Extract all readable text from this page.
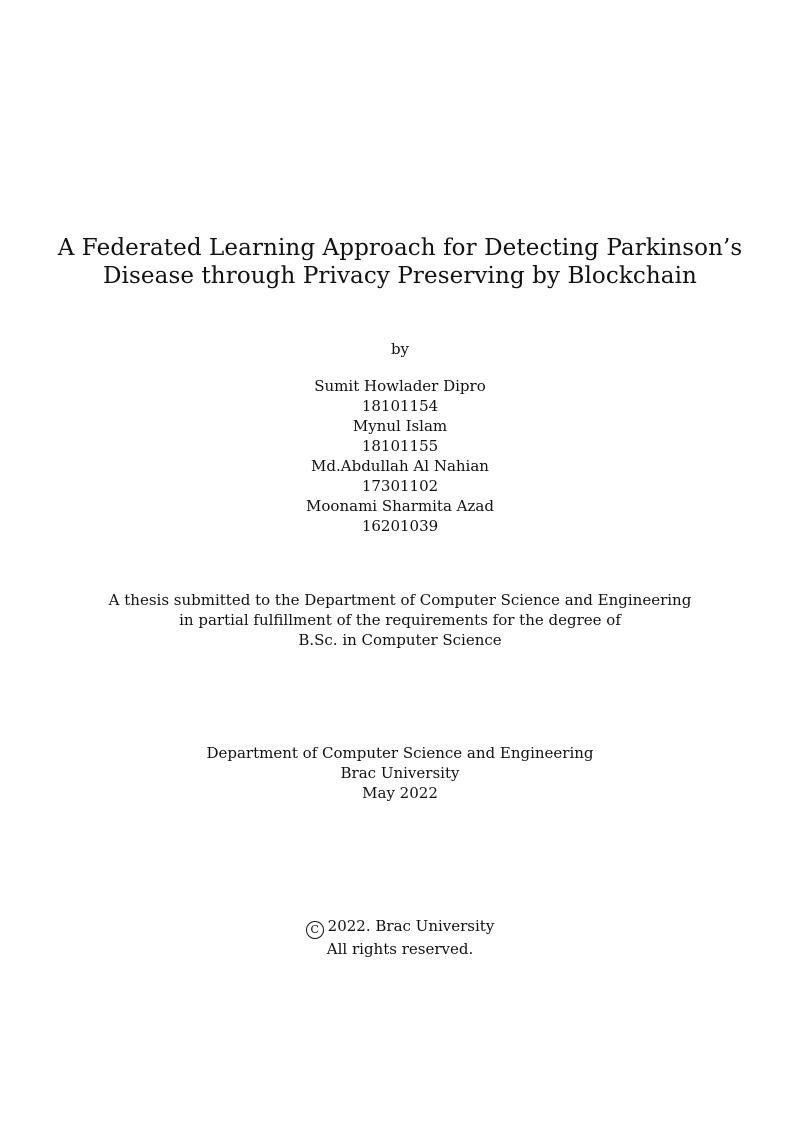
A Federated Learning Approach for Detecting Parkinson’s
Disease through Privacy Preserving by Blockchain
by
Sumit Howlader Dipro
18101154
Mynul Islam
18101155
Md.Abdullah Al Nahian
17301102
Moonami Sharmita Azad
16201039
A thesis submitted to the Department of Computer Science and Engineering
in partial fulfillment of the requirements for the degree of
B.Sc. in Computer Science
Department of Computer Science and Engineering
Brac University
May 2022
C 2022. Brac University
All rights reserved.
